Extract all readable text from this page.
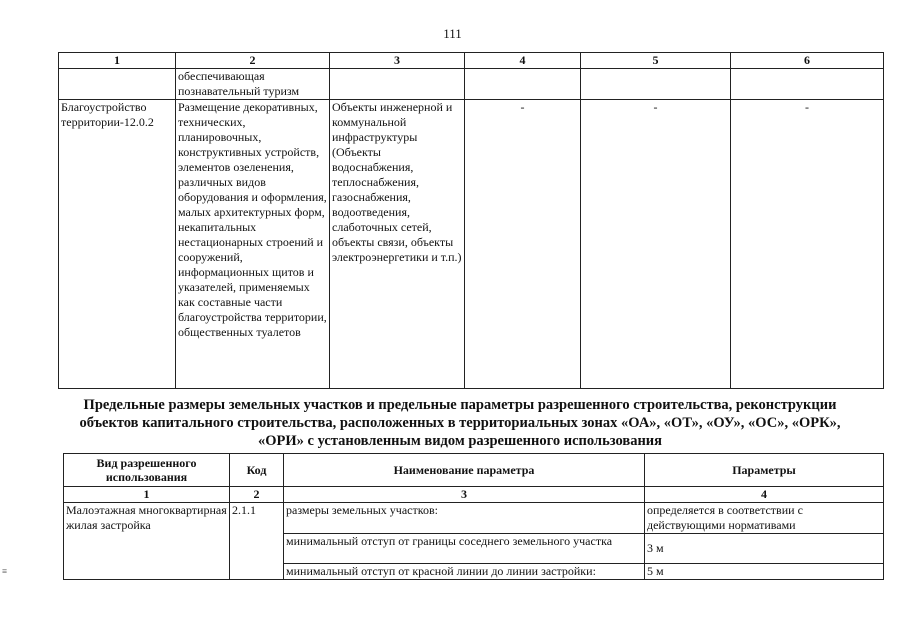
111
1	2	3	4	5	6
	обеспечивающая познавательный туризм				
Благоустройство территории-12.0.2	Размещение декоративных, технических, планировочных, конструктивных устройств, элементов озеленения, различных видов оборудования и оформления, малых архитектурных форм, некапитальных нестационарных строений и сооружений, информационных щитов и указателей, применяемых как составные части благоустройства территории, общественных туалетов	Объекты инженерной и коммунальной инфраструктуры (Объекты водоснабжения, теплоснабжения, газоснабжения, водоотведения, слаботочных сетей, объекты связи, объекты электроэнергетики и т.п.)	-	-	-
Предельные размеры земельных участков и предельные параметры разрешенного строительства, реконструкции объектов капитального строительства, расположенных в территориальных зонах «ОА», «ОТ», «ОУ», «ОС», «ОРК», «ОРИ» с установленным видом разрешенного использования
Вид разрешенного использования	Код	Наименование параметра	Параметры
1	2	3	4
Малоэтажная многоквартирная жилая застройка	2.1.1	размеры земельных участков:	определяется в соответствии с действующими нормативами
		минимальный отступ от границы соседнего земельного участка	3 м
		минимальный отступ от красной линии до линии застройки:	5 м
≡
